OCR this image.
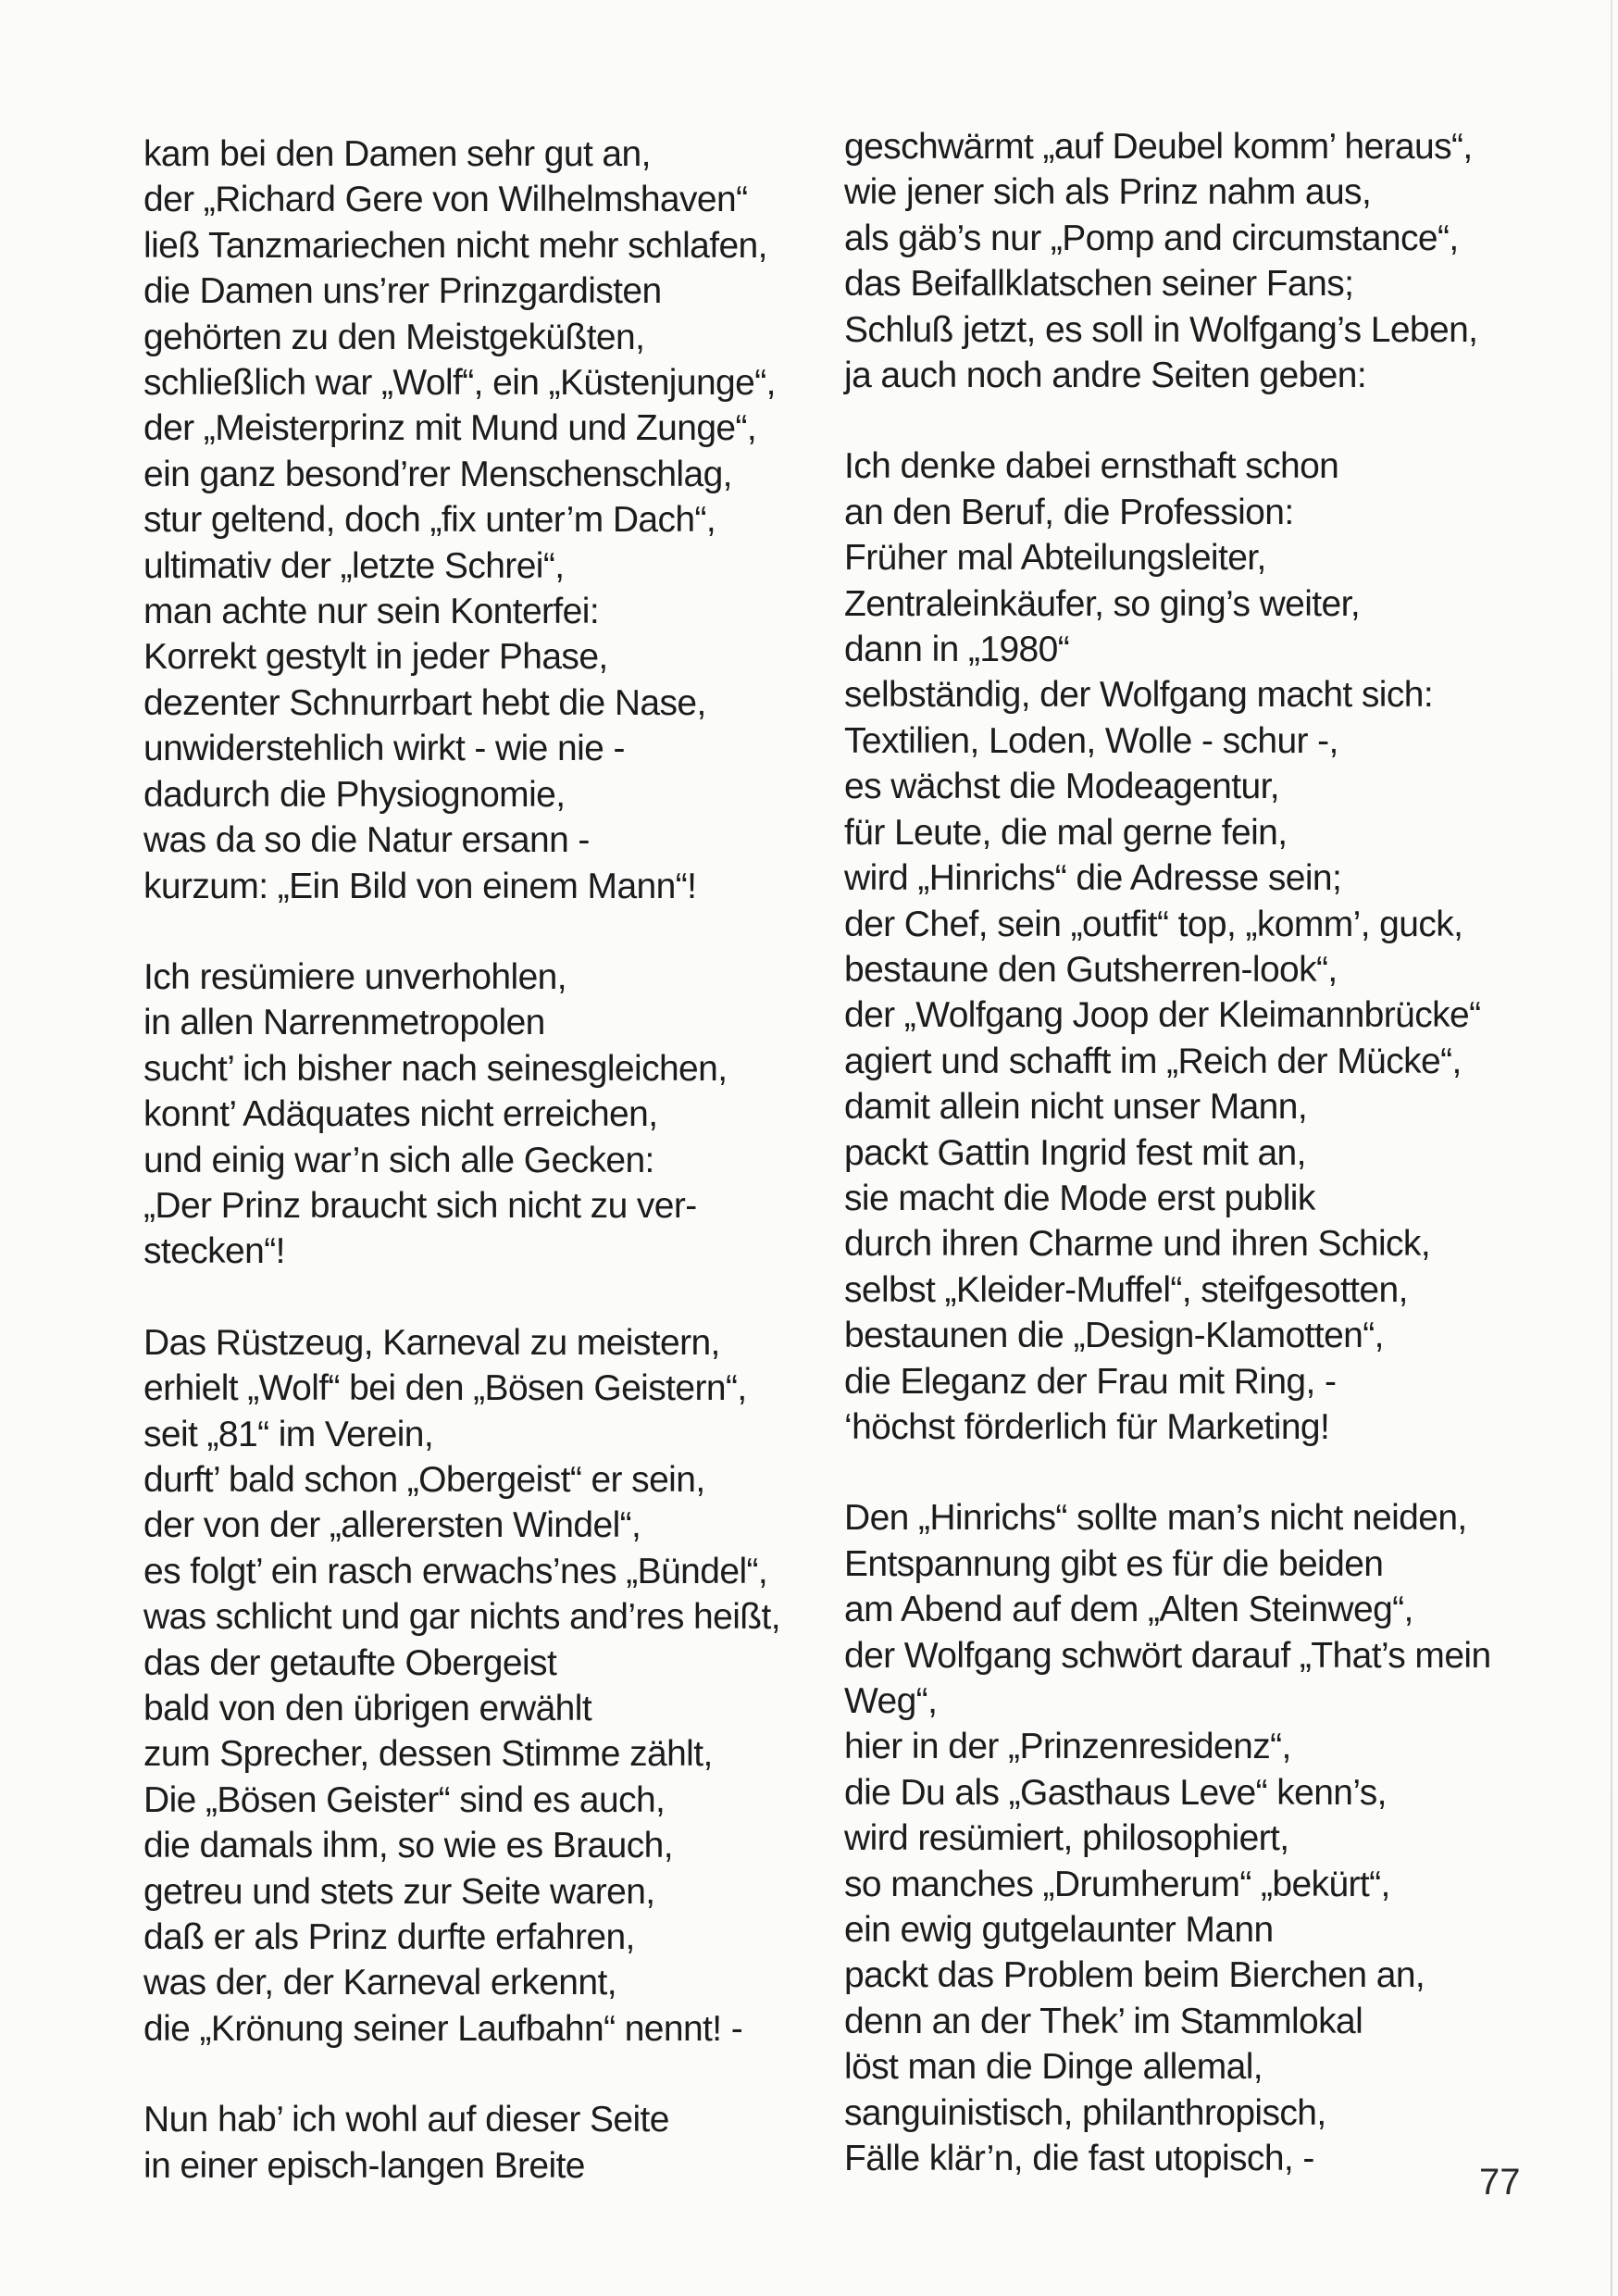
kam bei den Damen sehr gut an,
der „Richard Gere von Wilhelmshaven“
ließ Tanzmariechen nicht mehr schlafen,
die Damen uns’rer Prinzgardisten
gehörten zu den Meistgeküßten,
schließlich war „Wolf“, ein „Küstenjunge“,
der „Meisterprinz mit Mund und Zunge“,
ein ganz besond’rer Menschenschlag,
stur geltend, doch „fix unter’m Dach“,
ultimativ der „letzte Schrei“,
man achte nur sein Konterfei:
Korrekt gestylt in jeder Phase,
dezenter Schnurrbart hebt die Nase,
unwiderstehlich wirkt - wie nie -
dadurch die Physiognomie,
was da so die Natur ersann -
kurzum: „Ein Bild von einem Mann“!
Ich resümiere unverhohlen,
in allen Narrenmetropolen
sucht’ ich bisher nach seinesgleichen,
konnt’ Adäquates nicht erreichen,
und einig war’n sich alle Gecken:
„Der Prinz braucht sich nicht zu ver-
stecken“!
Das Rüstzeug, Karneval zu meistern,
erhielt „Wolf“ bei den „Bösen Geistern“,
seit „81“ im Verein,
durft’ bald schon „Obergeist“ er sein,
der von der „allerersten Windel“,
es folgt’ ein rasch erwachs’nes „Bündel“,
was schlicht und gar nichts and’res heißt,
das der getaufte Obergeist
bald von den übrigen erwählt
zum Sprecher, dessen Stimme zählt,
Die „Bösen Geister“ sind es auch,
die damals ihm, so wie es Brauch,
getreu und stets zur Seite waren,
daß er als Prinz durfte erfahren,
was der, der Karneval erkennt,
die „Krönung seiner Laufbahn“ nennt! -
Nun hab’ ich wohl auf dieser Seite
in einer episch-langen Breite
geschwärmt „auf Deubel komm’ heraus“,
wie jener sich als Prinz nahm aus,
als gäb’s nur „Pomp and circumstance“,
das Beifallklatschen seiner Fans;
Schluß jetzt, es soll in Wolfgang’s Leben,
ja auch noch andre Seiten geben:
Ich denke dabei ernsthaft schon
an den Beruf, die Profession:
Früher mal Abteilungsleiter,
Zentraleinkäufer, so ging’s weiter,
dann in „1980“
selbständig, der Wolfgang macht sich:
Textilien, Loden, Wolle - schur -,
es wächst die Modeagentur,
für Leute, die mal gerne fein,
wird „Hinrichs“ die Adresse sein;
der Chef, sein „outfit“ top, „komm’, guck,
bestaune den Gutsherren-look“,
der „Wolfgang Joop der Kleimannbrücke“
agiert und schafft im „Reich der Mücke“,
damit allein nicht unser Mann,
packt Gattin Ingrid fest mit an,
sie macht die Mode erst publik
durch ihren Charme und ihren Schick,
selbst „Kleider-Muffel“, steifgesotten,
bestaunen die „Design-Klamotten“,
die Eleganz der Frau mit Ring, -
‘höchst förderlich für Marketing!
Den „Hinrichs“ sollte man’s nicht neiden,
Entspannung gibt es für die beiden
am Abend auf dem „Alten Steinweg“,
der Wolfgang schwört darauf „That’s mein
Weg“,
hier in der „Prinzenresidenz“,
die Du als „Gasthaus Leve“ kenn’s,
wird resümiert, philosophiert,
so manches „Drumherum“ „bekürt“,
ein ewig gutgelaunter Mann
packt das Problem beim Bierchen an,
denn an der Thek’ im Stammlokal
löst man die Dinge allemal,
sanguinistisch, philanthropisch,
Fälle klär’n, die fast utopisch, -
77
